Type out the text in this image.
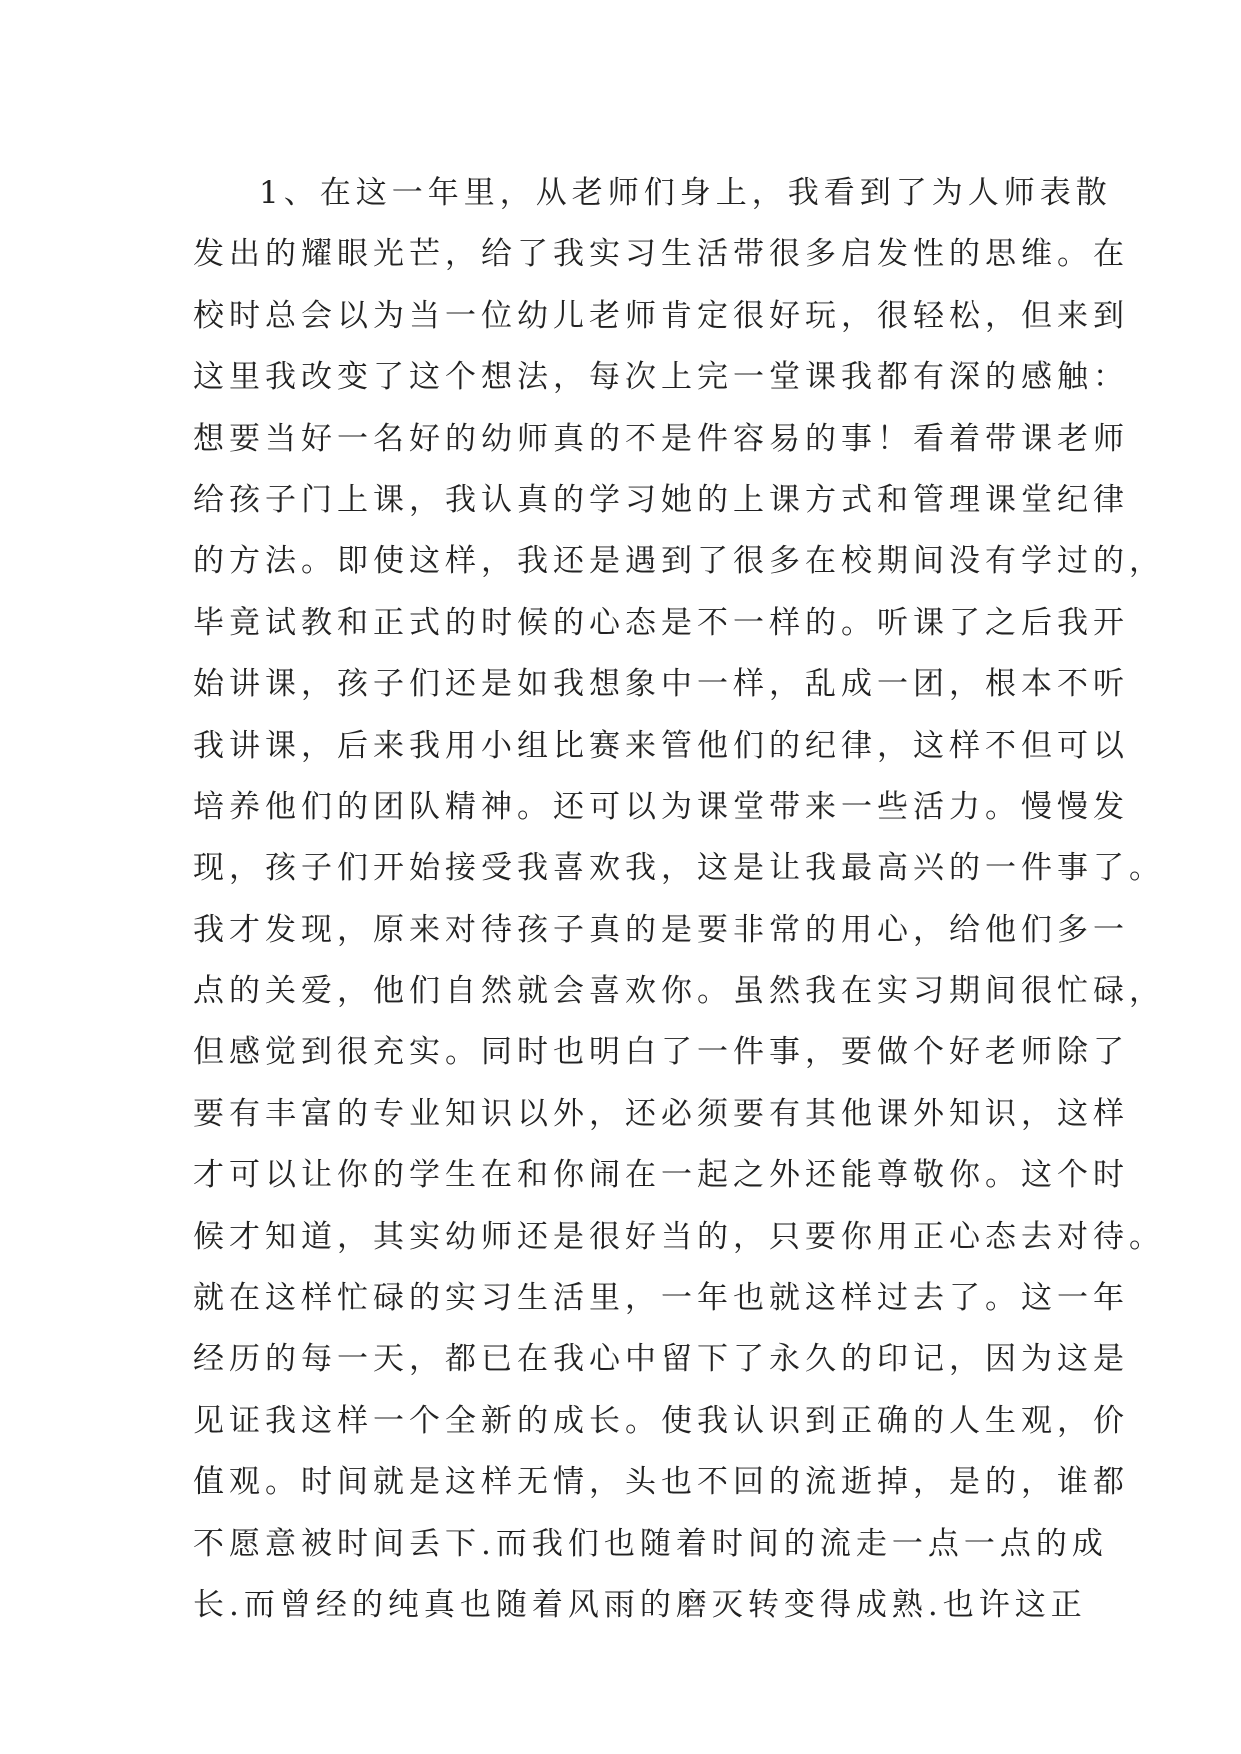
1、在这一年里，从老师们身上，我看到了为人师表散
发出的耀眼光芒，给了我实习生活带很多启发性的思维。在
校时总会以为当一位幼儿老师肯定很好玩，很轻松，但来到
这里我改变了这个想法，每次上完一堂课我都有深的感触：
想要当好一名好的幼师真的不是件容易的事！看着带课老师
给孩子门上课，我认真的学习她的上课方式和管理课堂纪律
的方法。即使这样，我还是遇到了很多在校期间没有学过的，
毕竟试教和正式的时候的心态是不一样的。听课了之后我开
始讲课，孩子们还是如我想象中一样，乱成一团，根本不听
我讲课，后来我用小组比赛来管他们的纪律，这样不但可以
培养他们的团队精神。还可以为课堂带来一些活力。慢慢发
现，孩子们开始接受我喜欢我，这是让我最高兴的一件事了。
我才发现，原来对待孩子真的是要非常的用心，给他们多一
点的关爱，他们自然就会喜欢你。虽然我在实习期间很忙碌，
但感觉到很充实。同时也明白了一件事，要做个好老师除了
要有丰富的专业知识以外，还必须要有其他课外知识，这样
才可以让你的学生在和你闹在一起之外还能尊敬你。这个时
候才知道，其实幼师还是很好当的，只要你用正心态去对待。
就在这样忙碌的实习生活里，一年也就这样过去了。这一年
经历的每一天，都已在我心中留下了永久的印记，因为这是
见证我这样一个全新的成长。使我认识到正确的人生观，价
值观。时间就是这样无情，头也不回的流逝掉，是的，谁都
不愿意被时间丢下.而我们也随着时间的流走一点一点的成
长.而曾经的纯真也随着风雨的磨灭转变得成熟.也许这正
